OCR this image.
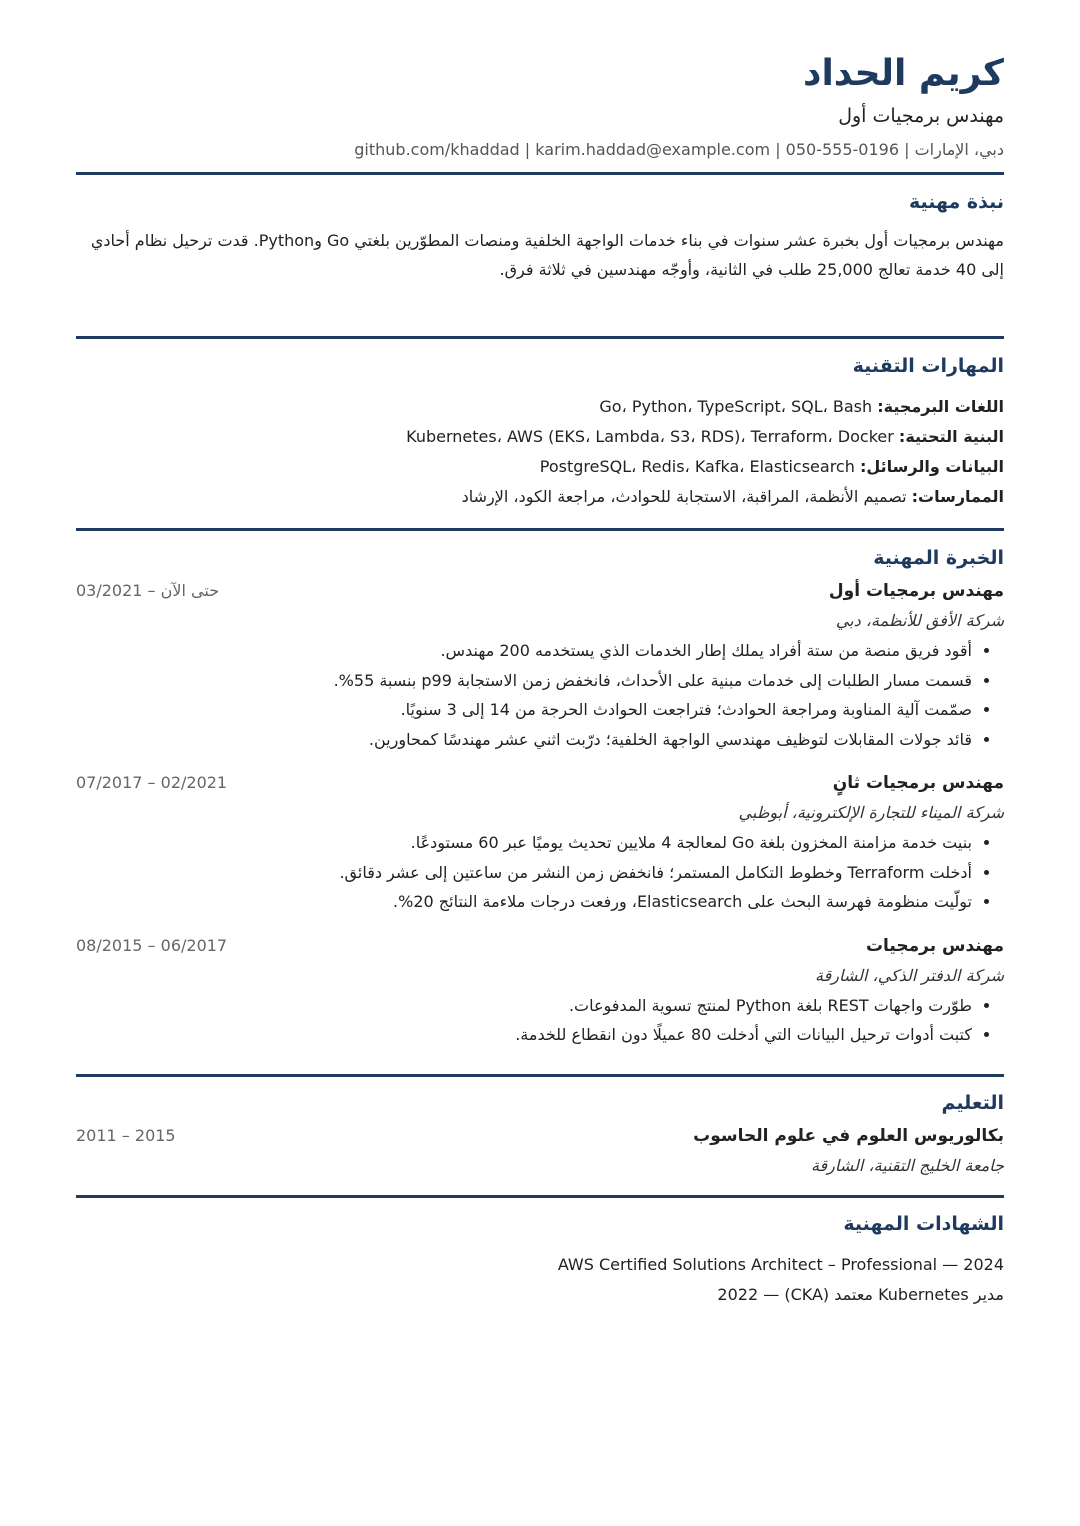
كريم الحداد
مهندس برمجيات أول
دبي، الإمارات | github.com/khaddad | karim.haddad@example.com | 050-555-0196
نبذة مهنية
مهندس برمجيات أول بخبرة عشر سنوات في بناء خدمات الواجهة الخلفية ومنصات المطوّرين بلغتي Go وPython. قدت ترحيل نظام أحادي إلى 40 خدمة تعالج 25,000 طلب في الثانية، وأوجّه مهندسين في ثلاثة فرق.
المهارات التقنية
اللغات البرمجية: Go، Python، TypeScript، SQL، Bash
البنية التحتية: Kubernetes، AWS (EKS، Lambda، S3، RDS)، Terraform، Docker
البيانات والرسائل: PostgreSQL، Redis، Kafka، Elasticsearch
الممارسات: تصميم الأنظمة، المراقبة، الاستجابة للحوادث، مراجعة الكود، الإرشاد
الخبرة المهنية
مهندس برمجيات أول
03/2021 – حتى الآن
شركة الأفق للأنظمة، دبي
• أقود فريق منصة من ستة أفراد يملك إطار الخدمات الذي يستخدمه 200 مهندس.
• قسمت مسار الطلبات إلى خدمات مبنية على الأحداث، فانخفض زمن الاستجابة p99 بنسبة 55%.
• صمّمت آلية المناوبة ومراجعة الحوادث؛ فتراجعت الحوادث الحرجة من 14 إلى 3 سنويًا.
• قائد جولات المقابلات لتوظيف مهندسي الواجهة الخلفية؛ درّبت اثني عشر مهندسًا كمحاورين.
مهندس برمجيات ثانٍ
07/2017 – 02/2021
شركة الميناء للتجارة الإلكترونية، أبوظبي
• بنيت خدمة مزامنة المخزون بلغة Go لمعالجة 4 ملايين تحديث يوميًا عبر 60 مستودعًا.
• أدخلت Terraform وخطوط التكامل المستمر؛ فانخفض زمن النشر من ساعتين إلى عشر دقائق.
• تولّيت منظومة فهرسة البحث على Elasticsearch، ورفعت درجات ملاءمة النتائج 20%.
مهندس برمجيات
08/2015 – 06/2017
شركة الدفتر الذكي، الشارقة
• طوّرت واجهات REST بلغة Python لمنتج تسوية المدفوعات.
• كتبت أدوات ترحيل البيانات التي أدخلت 80 عميلًا دون انقطاع للخدمة.
التعليم
بكالوريوس العلوم في علوم الحاسوب
2011 – 2015
جامعة الخليج التقنية، الشارقة
الشهادات المهنية
AWS Certified Solutions Architect – Professional — 2024
مدير Kubernetes معتمد (CKA) — 2022
